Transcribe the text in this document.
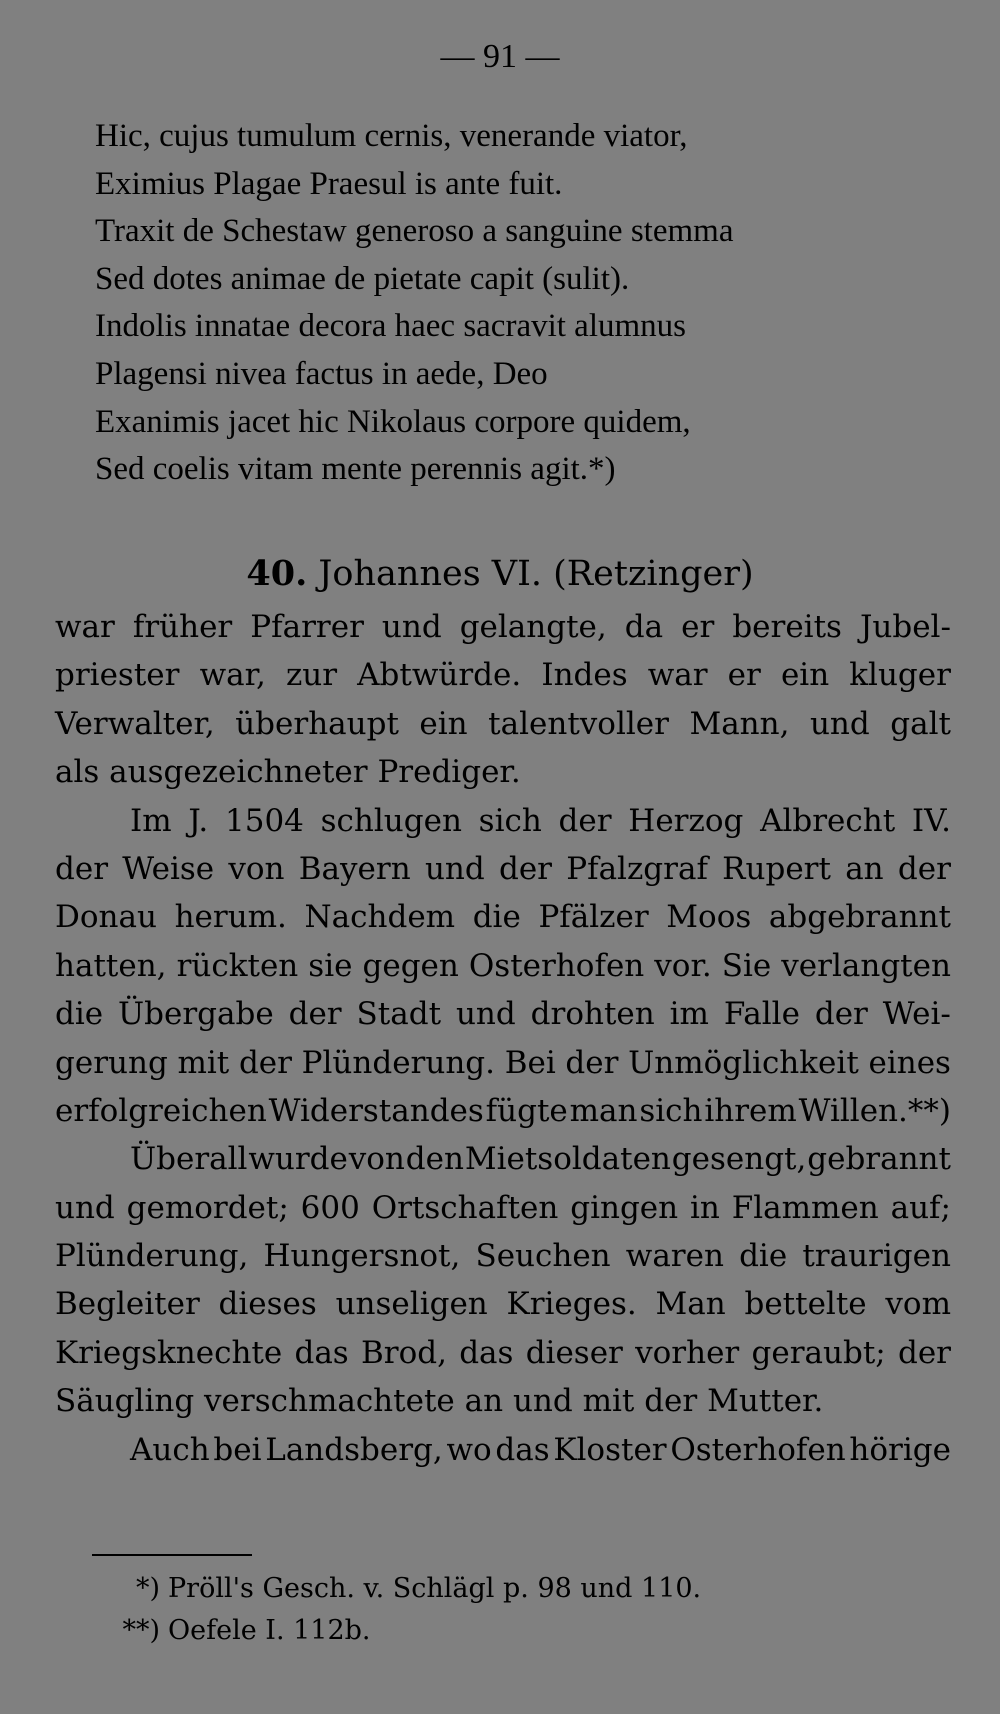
— 91 —
Hic, cujus tumulum cernis, venerande viator,
Eximius Plagae Praesul is ante fuit.
Traxit de Schestaw generoso a sanguine stemma
Sed dotes animae de pietate capit (sulit).
Indolis innatae decora haec sacravit alumnus
Plagensi nivea factus in aede, Deo
Exanimis jacet hic Nikolaus corpore quidem,
Sed coelis vitam mente perennis agit.*)
40. Johannes VI. (Retzinger)
war früher Pfarrer und gelangte, da er bereits Jubel-
priester war, zur Abtwürde. Indes war er ein kluger
Verwalter, überhaupt ein talentvoller Mann, und galt
als ausgezeichneter Prediger.
Im J. 1504 schlugen sich der Herzog Albrecht IV.
der Weise von Bayern und der Pfalzgraf Rupert an der
Donau herum. Nachdem die Pfälzer Moos abgebrannt
hatten, rückten sie gegen Osterhofen vor. Sie verlangten
die Übergabe der Stadt und drohten im Falle der Wei-
gerung mit der Plünderung. Bei der Unmöglichkeit eines
erfolgreichen Widerstandes fügte man sich ihrem Willen.**)
Überall wurde von den Mietsoldaten gesengt, gebrannt
und gemordet; 600 Ortschaften gingen in Flammen auf;
Plünderung, Hungersnot, Seuchen waren die traurigen
Begleiter dieses unseligen Krieges. Man bettelte vom
Kriegsknechte das Brod, das dieser vorher geraubt; der
Säugling verschmachtete an und mit der Mutter.
Auch bei Landsberg, wo das Kloster Osterhofen hörige
*) Pröll's Gesch. v. Schlägl p. 98 und 110.
**) Oefele I. 112b.
